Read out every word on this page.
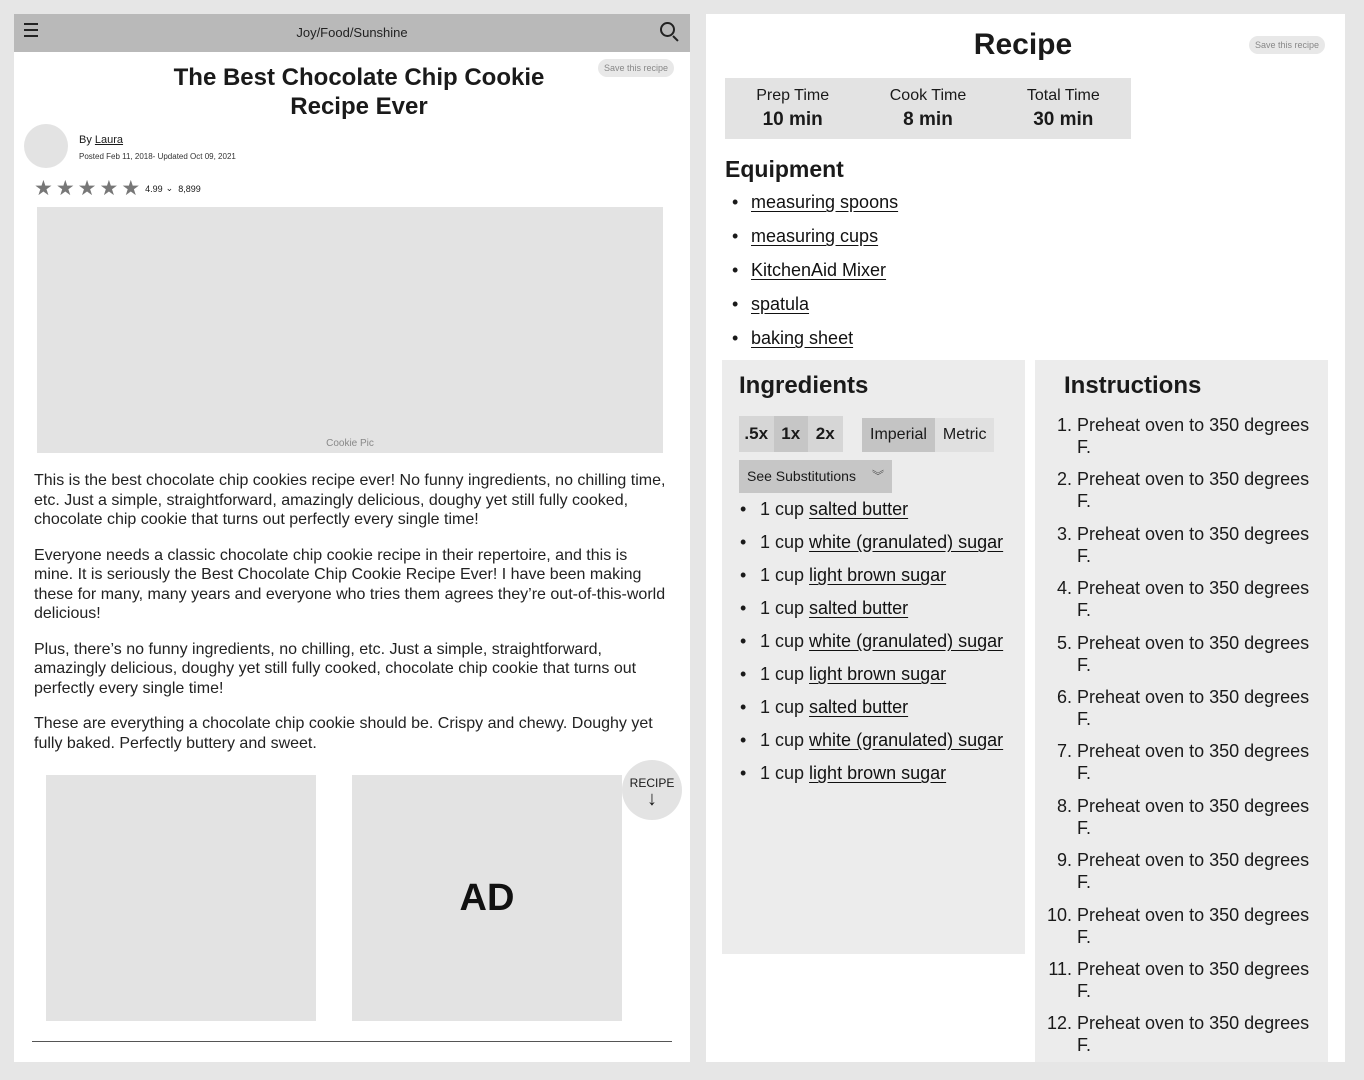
Joy/Food/Sunshine
Save this recipe
The Best Chocolate Chip Cookie Recipe Ever
By Laura
Posted Feb 11, 2018- Updated Oct 09, 2021
★ ★ ★ ★ ★ 4.99 ⌄ 8,899
Cookie Pic

This is the best chocolate chip cookies recipe ever! No funny ingredients, no chilling time, etc. Just a simple, straightforward, amazingly delicious, doughy yet still fully cooked, chocolate chip cookie that turns out perfectly every single time!

Everyone needs a classic chocolate chip cookie recipe in their repertoire, and this is mine. It is seriously the Best Chocolate Chip Cookie Recipe Ever! I have been making these for many, many years and everyone who tries them agrees they’re out-of-this-world delicious!

Plus, there’s no funny ingredients, no chilling, etc. Just a simple, straightforward, amazingly delicious, doughy yet still fully cooked, chocolate chip cookie that turns out perfectly every single time!

These are everything a chocolate chip cookie should be. Crispy and chewy. Doughy yet fully baked. Perfectly buttery and sweet.

AD
RECIPE
↓
Recipe	Save this recipe
Prep Time
10 min
Cook Time
8 min
Total Time
30 min
Equipment
• measuring spoons
• measuring cups
• KitchenAid Mixer
• spatula
• baking sheet
Ingredients
.5x 1x 2x	Imperial	Metric
See Substitutions ︾
• 1 cup salted butter
• 1 cup white (granulated) sugar
• 1 cup light brown sugar
• 1 cup salted butter
• 1 cup white (granulated) sugar
• 1 cup light brown sugar
• 1 cup salted butter
• 1 cup white (granulated) sugar
• 1 cup light brown sugar
Instructions
1. Preheat oven to 350 degrees F.
2. Preheat oven to 350 degrees F.
3. Preheat oven to 350 degrees F.
4. Preheat oven to 350 degrees F.
5. Preheat oven to 350 degrees F.
6. Preheat oven to 350 degrees F.
7. Preheat oven to 350 degrees F.
8. Preheat oven to 350 degrees F.
9. Preheat oven to 350 degrees F.
10. Preheat oven to 350 degrees F.
11. Preheat oven to 350 degrees F.
12. Preheat oven to 350 degrees F.
